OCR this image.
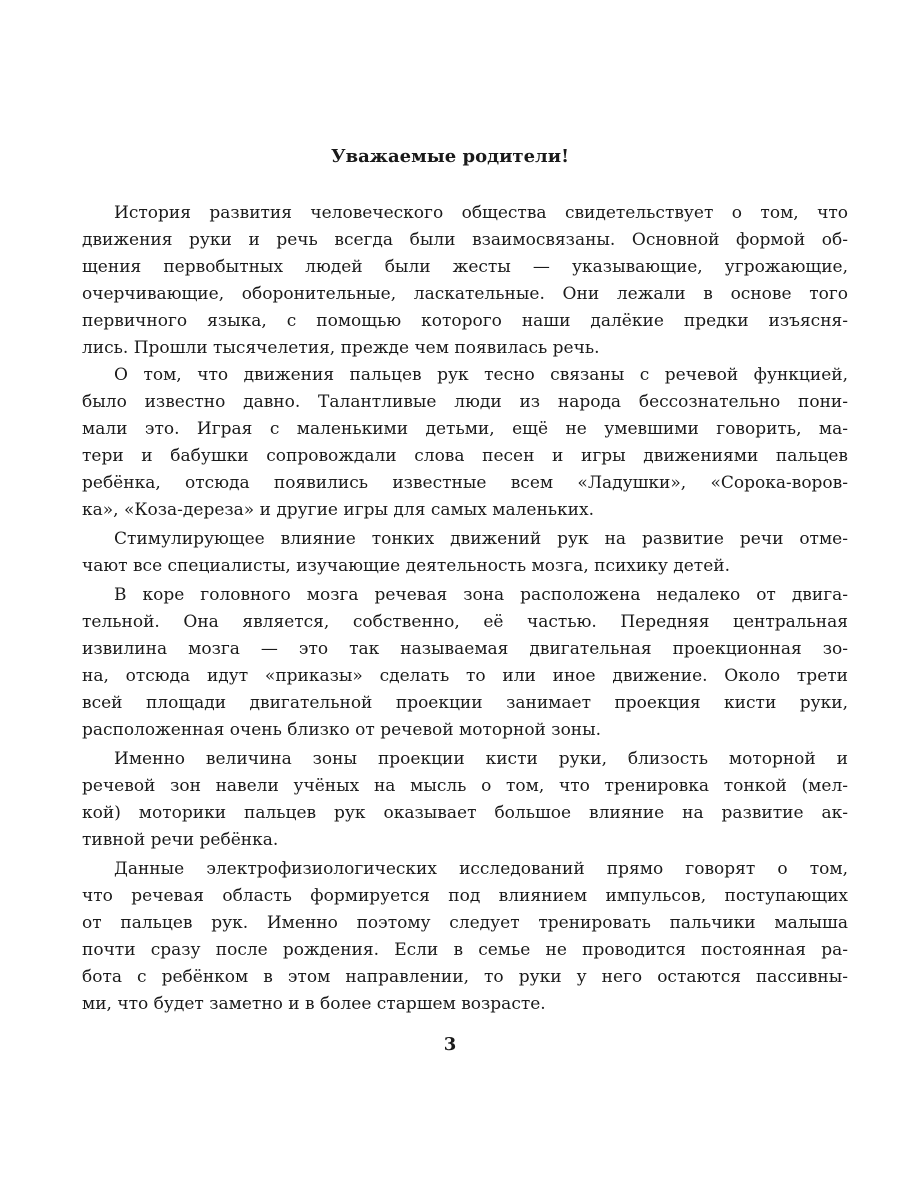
Уважаемые родители!
История развития человеческого общества свидетельствует о том, что
движения руки и речь всегда были взаимосвязаны. Основной формой об-
щения первобытных людей были жесты — указывающие, угрожающие,
очерчивающие, оборонительные, ласкательные. Они лежали в основе того
первичного языка, с помощью которого наши далёкие предки изъясня-
лись. Прошли тысячелетия, прежде чем появилась речь.
О том, что движения пальцев рук тесно связаны с речевой функцией,
было известно давно. Талантливые люди из народа бессознательно пони-
мали это. Играя с маленькими детьми, ещё не умевшими говорить, ма-
тери и бабушки сопровождали слова песен и игры движениями пальцев
ребёнка, отсюда появились известные всем «Ладушки», «Сорока-воров-
ка», «Коза-дереза» и другие игры для самых маленьких.
Стимулирующее влияние тонких движений рук на развитие речи отме-
чают все специалисты, изучающие деятельность мозга, психику детей.
В коре головного мозга речевая зона расположена недалеко от двига-
тельной. Она является, собственно, её частью. Передняя центральная
извилина мозга — это так называемая двигательная проекционная зо-
на, отсюда идут «приказы» сделать то или иное движение. Около трети
всей площади двигательной проекции занимает проекция кисти руки,
расположенная очень близко от речевой моторной зоны.
Именно величина зоны проекции кисти руки, близость моторной и
речевой зон навели учёных на мысль о том, что тренировка тонкой (мел-
кой) моторики пальцев рук оказывает большое влияние на развитие ак-
тивной речи ребёнка.
Данные электрофизиологических исследований прямо говорят о том,
что речевая область формируется под влиянием импульсов, поступающих
от пальцев рук. Именно поэтому следует тренировать пальчики малыша
почти сразу после рождения. Если в семье не проводится постоянная ра-
бота с ребёнком в этом направлении, то руки у него остаются пассивны-
ми, что будет заметно и в более старшем возрасте.
3
